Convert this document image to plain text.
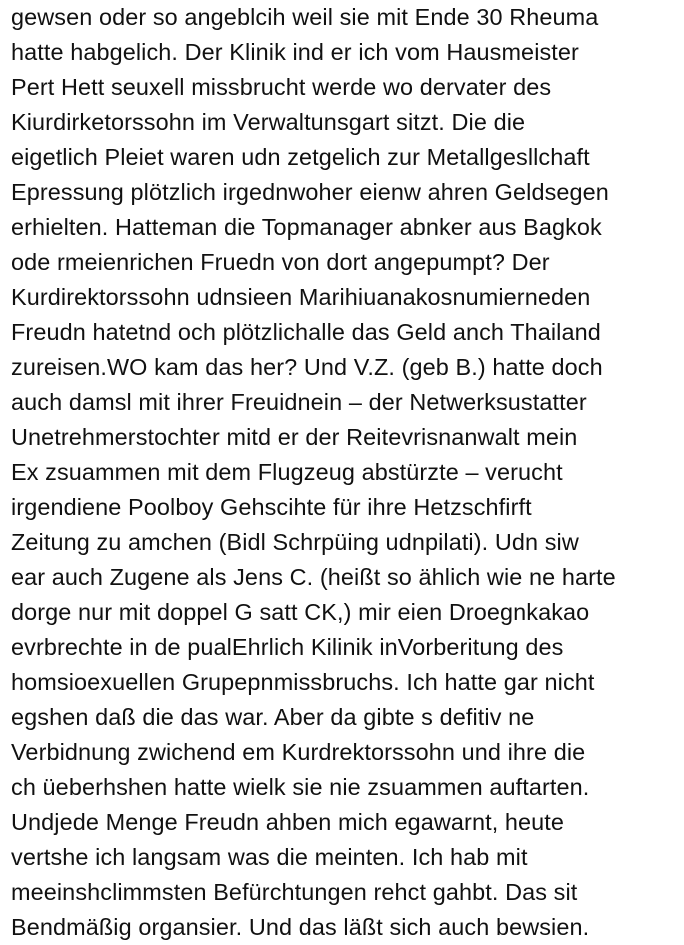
gewsen oder so angeblcih weil sie mit Ende 30 Rheuma
hatte habgelich. Der Klinik ind er ich vom Hausmeister
Pert Hett seuxell missbrucht werde wo dervater des
Kiurdirketorssohn im Verwaltunsgart sitzt. Die die
eigetlich Pleiet waren udn zetgelich zur Metallgesllchaft
Epressung plötzlich irgednwoher eienw ahren Geldsegen
erhielten. Hatteman die Topmanager abnker aus Bagkok
ode rmeienrichen Fruedn von dort angepumpt? Der
Kurdirektorssohn udnsieen Marihiuanakosnumierneden
Freudn hatetnd och plötzlichalle das Geld anch Thailand
zureisen.WO kam das her? Und V.Z. (geb B.) hatte doch
auch damsl mit ihrer Freuidnein – der Netwerksustatter
Unetrehmerstochter mitd er der Reitevrisnanwalt mein
Ex zsuammen mit dem Flugzeug abstürzte – verucht
irgendiene Poolboy Gehscihte für ihre Hetzschfirft
Zeitung zu amchen (Bidl Schrpüing udnpilati). Udn siw
ear auch Zugene als Jens C. (heißt so ählich wie ne harte
dorge nur mit doppel G satt CK,) mir eien Droegnkakao
evrbrechte in de pualEhrlich Kilinik inVorberitung des
homsioexuellen Grupepnmissbruchs. Ich hatte gar nicht
egshen daß die das war. Aber da gibte s defitiv ne
Verbidnung zwichend em Kurdrektorssohn und ihre die
ch üeberhshen hatte wielk sie nie zsuammen auftarten.
Undjede Menge Freudn ahben mich egawarnt, heute
vertshe ich langsam was die meinten. Ich hab mit
meeinshclimmsten Befürchtungen rehct gahbt. Das sit
Bendmäßig organsier. Und das läßt sich auch bewsien.
